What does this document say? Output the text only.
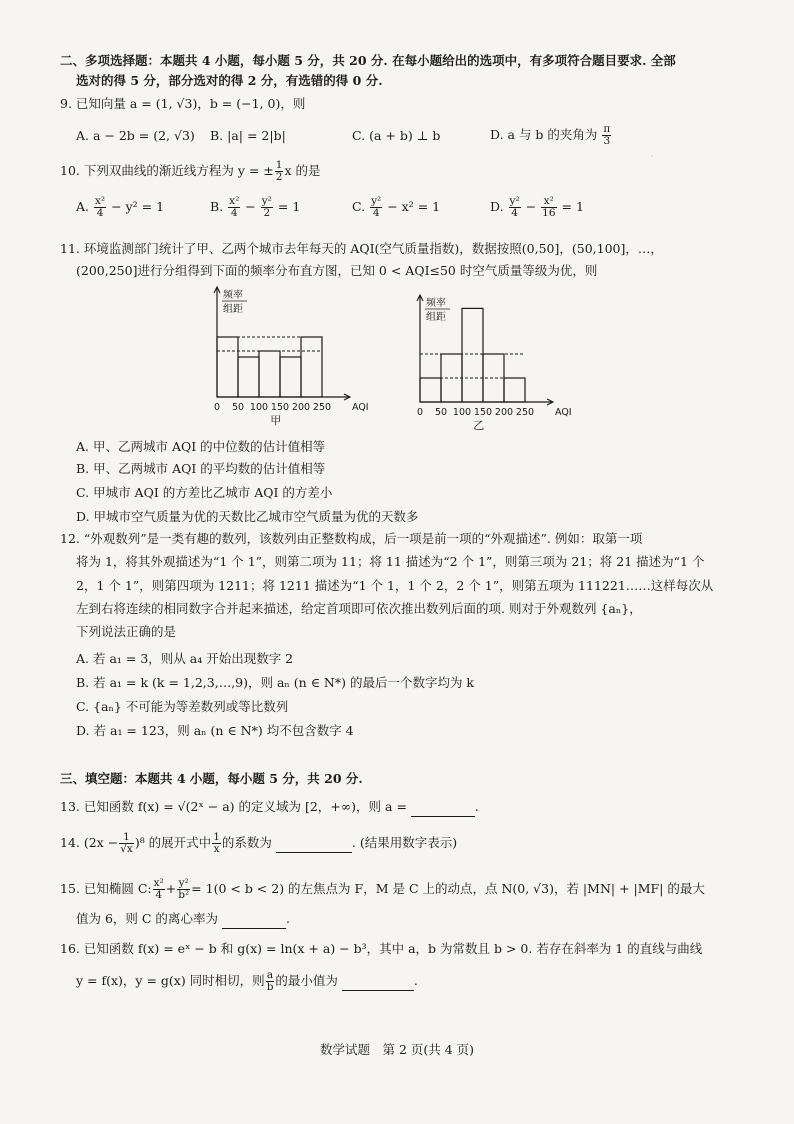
·
二、多项选择题：本题共 4 小题，每小题 5 分，共 20 分. 在每小题给出的选项中，有多项符合题目要求. 全部
选对的得 5 分，部分选对的得 2 分，有选错的得 0 分.
9. 已知向量 a = (1, √3)，b = (−1, 0)，则
A. a − 2b = (2, √3) B. |a| = 2|b|	C. (a + b) ⊥ b	D. a 与 b 的夹角为 $\frac{\pi}{3}$
10. 下列双曲线的渐近线方程为 y = ± $\frac{1}{2}$ x 的是
A. $\frac{\text{x²}}{4} - y^2 = 1$	B. $\frac{\text{x²}}{4} - \frac{\text{y²}}{2} = 1$	C. $\frac{\text{y²}}{4} - x^2 = 1$	D. $\frac{\text{y²}}{4} - \frac{\text{x²}}{16} = 1$
11. 环境监测部门统计了甲、乙两个城市去年每天的 AQI(空气质量指数)，数据按照(0,50]，(50,100]，…，
(200,250]进行分组得到下面的频率分布直方图，已知 0 < AQI≤50 时空气质量等级为优，则
0 50 100 150 200 250 AQI
频率
组距
甲
0 50 100 150 200 250 AQI
频率
组距
乙
A. 甲、乙两城市 AQI 的中位数的估计值相等
B. 甲、乙两城市 AQI 的平均数的估计值相等
C. 甲城市 AQI 的方差比乙城市 AQI 的方差小
D. 甲城市空气质量为优的天数比乙城市空气质量为优的天数多
12. “外观数列”是一类有趣的数列，该数列由正整数构成，后一项是前一项的“外观描述”. 例如：取第一项
将为 1，将其外观描述为“1 个 1”，则第二项为 11；将 11 描述为“2 个 1”，则第三项为 21；将 21 描述为“1 个
2，1 个 1”，则第四项为 1211；将 1211 描述为“1 个 1，1 个 2，2 个 1”，则第五项为 111221……这样每次从
左到右将连续的相同数字合并起来描述，给定首项即可依次推出数列后面的项. 则对于外观数列 {aₙ}，
下列说法正确的是
A. 若 a₁ = 3，则从 a₄ 开始出现数字 2
B. 若 a₁ = k (k = 1,2,3,…,9)，则 aₙ (n ∈ N*) 的最后一个数字均为 k
C. {aₙ} 不可能为等差数列或等比数列
D. 若 a₁ = 123，则 aₙ (n ∈ N*) 均不包含数字 4
三、填空题：本题共 4 小题，每小题 5 分，共 20 分.
13. 已知函数 f(x) = √(2ˣ − a) 的定义域为 [2，+∞)，则 a =	.
14. $(2x - \frac{1}{√x} )^8$ 的展开式中 $\frac{1}{x}$ 的系数为	. (结果用数字表示)
15. 已知椭圆 C: $\frac{\text{x²}}{4} + \frac{\text{y²}}{\text{b²}} = 1(0 < b < 2)$ 的左焦点为 F，M 是 C 上的动点，点 N(0, √3)，若 |MN| + |MF| 的最大
值为 6，则 C 的离心率为	.
16. 已知函数 f(x) = eˣ − b 和 g(x) = ln(x + a) − b³，其中 a，b 为常数且 b > 0. 若存在斜率为 1 的直线与曲线
y = f(x)，y = g(x) 同时相切，则 $\frac{a}{b}$ 的最小值为	.
数学试题　第 2 页(共 4 页)
